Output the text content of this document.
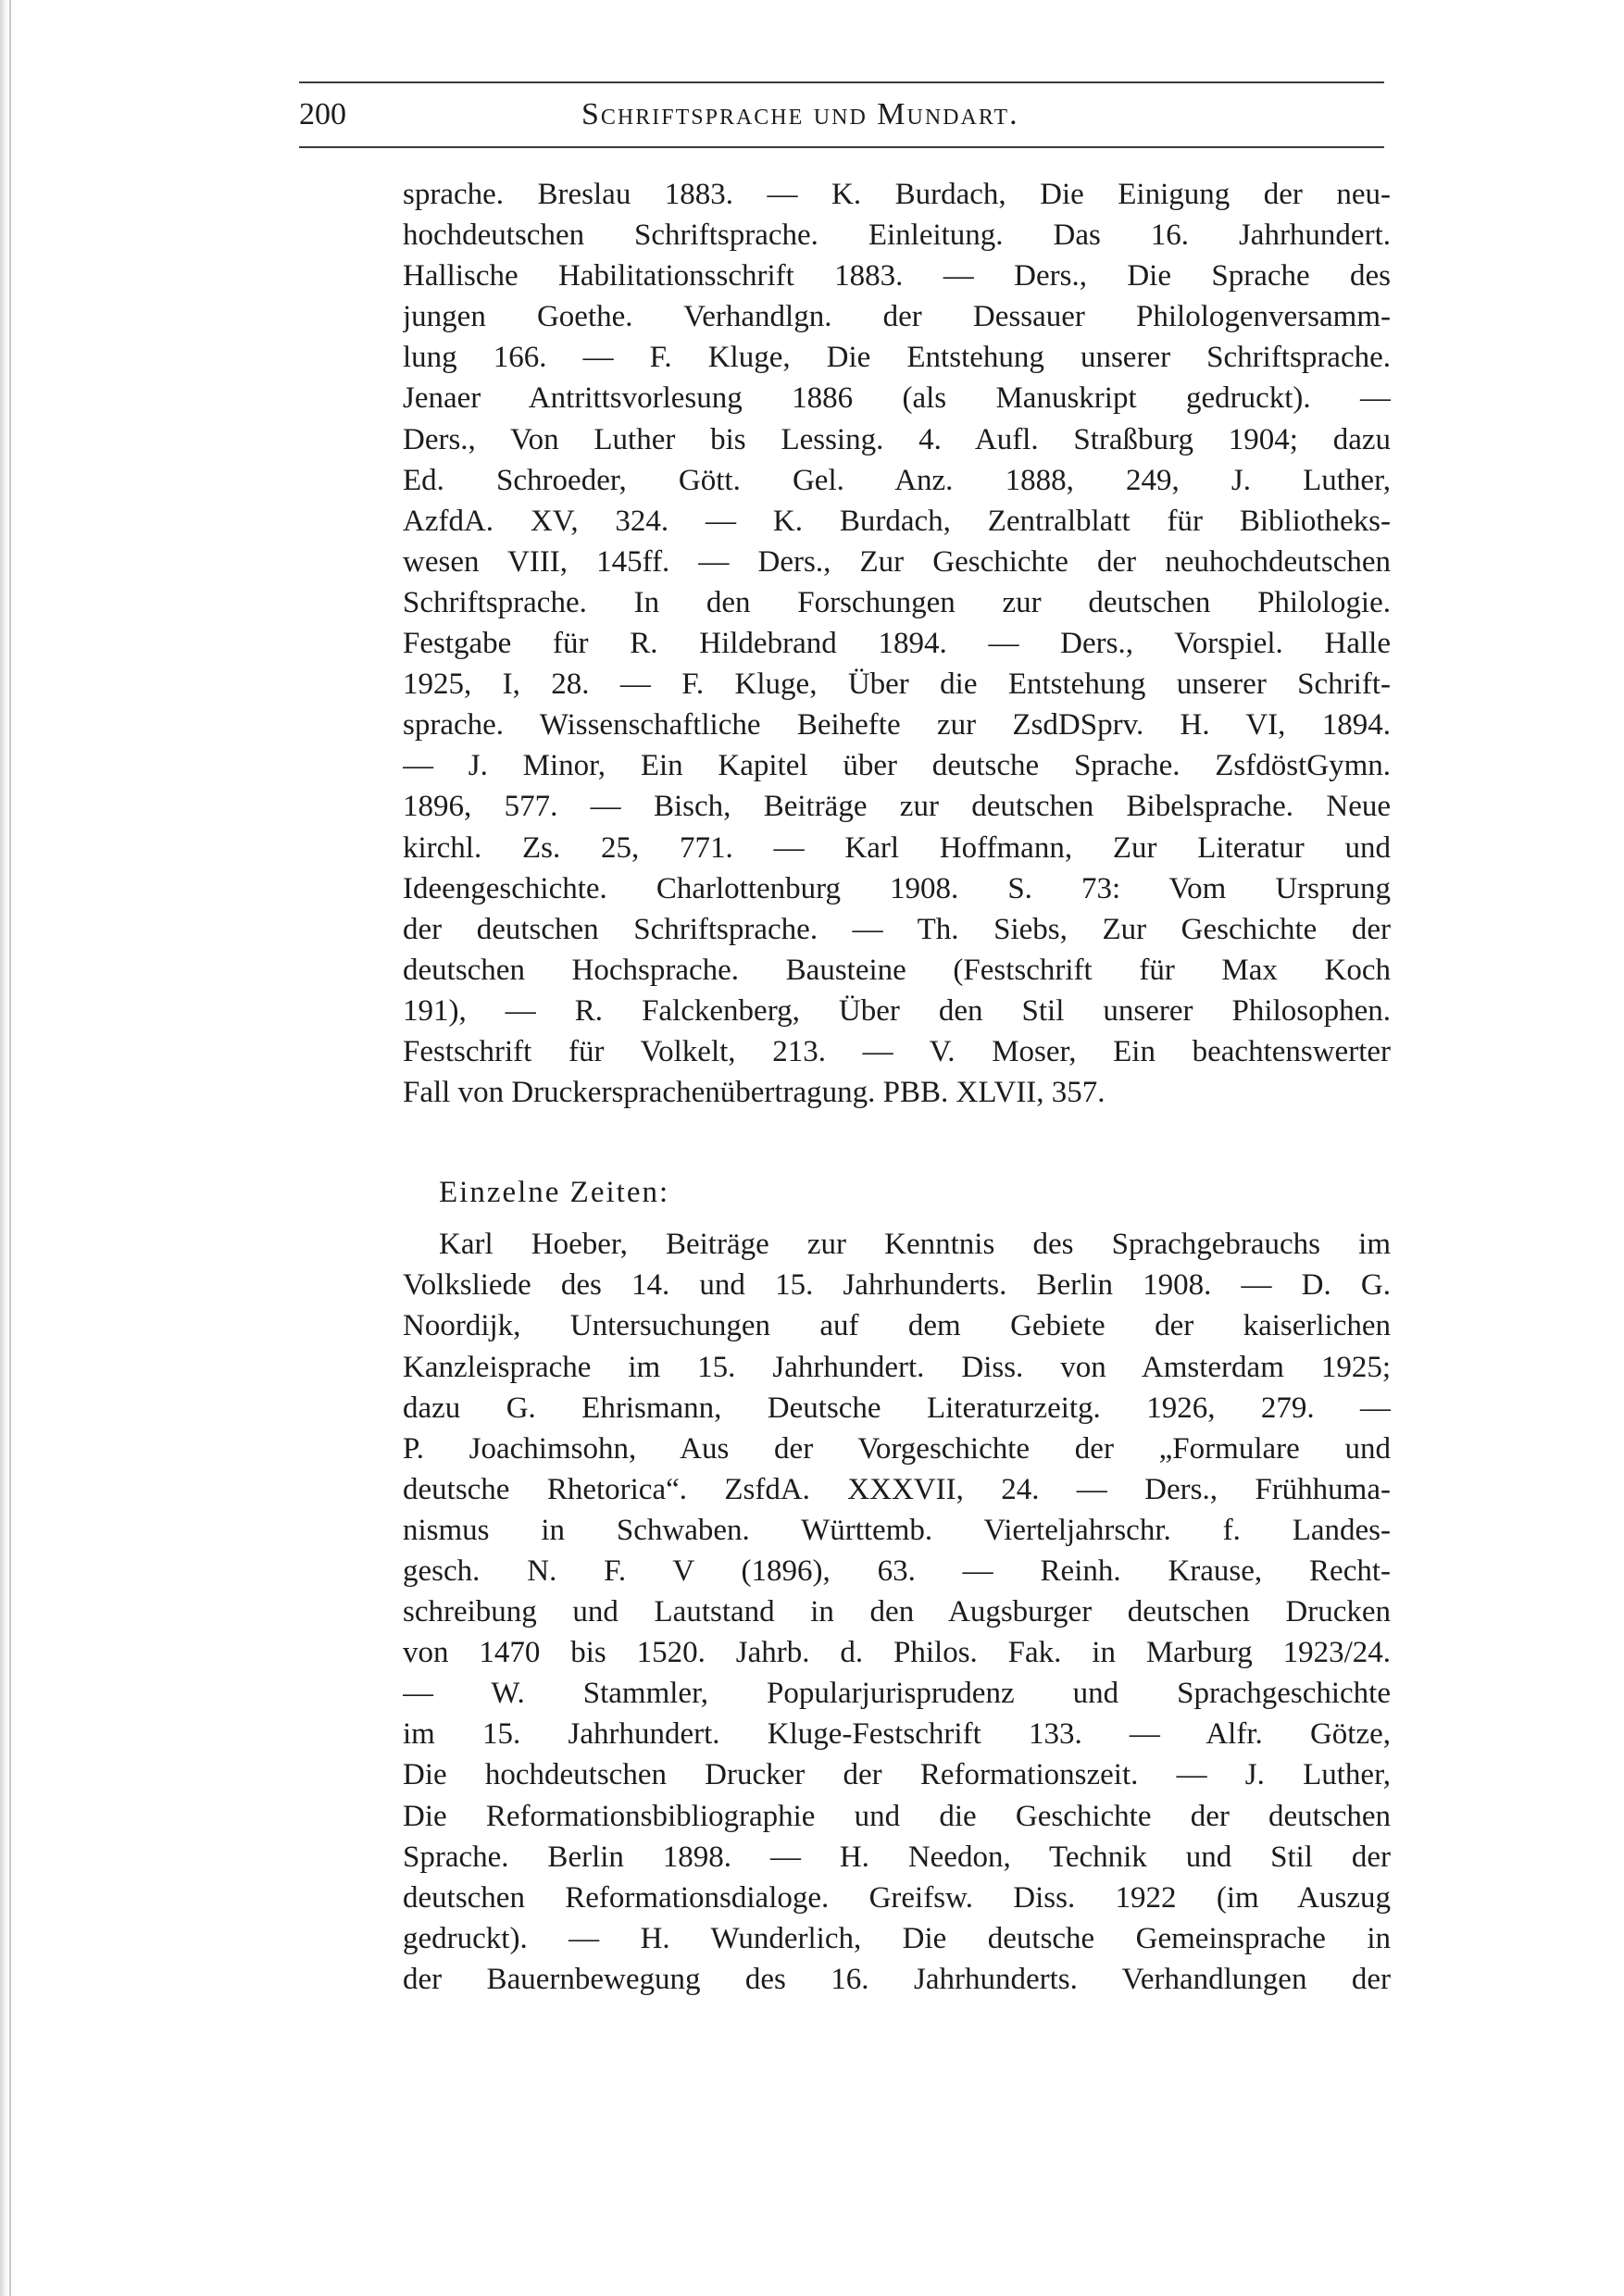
200	Schriftsprache und Mundart.
sprache. Breslau 1883. — K. Burdach, Die Einigung der neu-
hochdeutschen Schriftsprache. Einleitung. Das 16. Jahrhundert.
Hallische Habilitationsschrift 1883. — Ders., Die Sprache des
jungen Goethe. Verhandlgn. der Dessauer Philologenversamm-
lung 166. — F. Kluge, Die Entstehung unserer Schriftsprache.
Jenaer Antrittsvorlesung 1886 (als Manuskript gedruckt). —
Ders., Von Luther bis Lessing. 4. Aufl. Straßburg 1904; dazu
Ed. Schroeder, Gött. Gel. Anz. 1888, 249, J. Luther,
AzfdA. XV, 324. — K. Burdach, Zentralblatt für Bibliotheks-
wesen VIII, 145ff. — Ders., Zur Geschichte der neuhochdeutschen
Schriftsprache. In den Forschungen zur deutschen Philologie.
Festgabe für R. Hildebrand 1894. — Ders., Vorspiel. Halle
1925, I, 28. — F. Kluge, Über die Entstehung unserer Schrift-
sprache. Wissenschaftliche Beihefte zur ZsdDSprv. H. VI, 1894.
— J. Minor, Ein Kapitel über deutsche Sprache. ZsfdöstGymn.
1896, 577. — Bisch, Beiträge zur deutschen Bibelsprache. Neue
kirchl. Zs. 25, 771. — Karl Hoffmann, Zur Literatur und
Ideengeschichte. Charlottenburg 1908. S. 73: Vom Ursprung
der deutschen Schriftsprache. — Th. Siebs, Zur Geschichte der
deutschen Hochsprache. Bausteine (Festschrift für Max Koch
191), — R. Falckenberg, Über den Stil unserer Philosophen.
Festschrift für Volkelt, 213. — V. Moser, Ein beachtenswerter
Fall von Druckersprachenübertragung. PBB. XLVII, 357.
Einzelne Zeiten:
Karl Hoeber, Beiträge zur Kenntnis des Sprachgebrauchs im
Volksliede des 14. und 15. Jahrhunderts. Berlin 1908. — D. G.
Noordijk, Untersuchungen auf dem Gebiete der kaiserlichen
Kanzleisprache im 15. Jahrhundert. Diss. von Amsterdam 1925;
dazu G. Ehrismann, Deutsche Literaturzeitg. 1926, 279. —
P. Joachimsohn, Aus der Vorgeschichte der „Formulare und
deutsche Rhetorica“. ZsfdA. XXXVII, 24. — Ders., Frühhuma-
nismus in Schwaben. Württemb. Vierteljahrschr. f. Landes-
gesch. N. F. V (1896), 63. — Reinh. Krause, Recht-
schreibung und Lautstand in den Augsburger deutschen Drucken
von 1470 bis 1520. Jahrb. d. Philos. Fak. in Marburg 1923/24.
— W. Stammler, Popularjurisprudenz und Sprachgeschichte
im 15. Jahrhundert. Kluge-Festschrift 133. — Alfr. Götze,
Die hochdeutschen Drucker der Reformationszeit. — J. Luther,
Die Reformationsbibliographie und die Geschichte der deutschen
Sprache. Berlin 1898. — H. Needon, Technik und Stil der
deutschen Reformationsdialoge. Greifsw. Diss. 1922 (im Auszug
gedruckt). — H. Wunderlich, Die deutsche Gemeinsprache in
der Bauernbewegung des 16. Jahrhunderts. Verhandlungen der
